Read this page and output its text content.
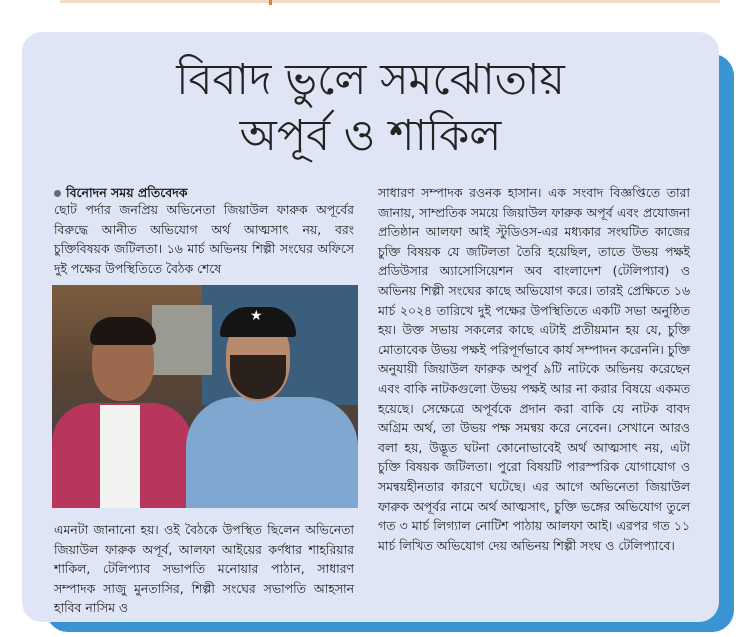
বিবাদ ভুলে সমঝোতায়
অপূর্ব ও শাকিল
বিনোদন সময় প্রতিবেদক

ছোট পর্দার জনপ্রিয় অভিনেতা জিয়াউল ফারুক অপূর্বের বিরুদ্ধে আনীত অভিযোগ অর্থ আত্মসাৎ নয়, বরং চুক্তিবিষয়ক জটিলতা। ১৬ মার্চ অভিনয় শিল্পী সংঘের অফিসে দুই পক্ষের উপস্থিতিতে বৈঠক শেষে

★

এমনটা জানানো হয়। ওই বৈঠকে উপস্থিত ছিলেন অভিনেতা জিয়াউল ফারুক অপূর্ব, আলফা আইয়ের কর্ণধার শাহরিয়ার শাকিল, টেলিপ্যাব সভাপতি মনোয়ার পাঠান, সাধারণ সম্পাদক সাজু মুনতাসির, শিল্পী সংঘের সভাপতি আহসান হাবিব নাসিম ও

সাধারণ সম্পাদক রওনক হাসান। এক সংবাদ বিজ্ঞপ্তিতে তারা জানায়, সাম্প্রতিক সময়ে জিয়াউল ফারুক অপূর্ব এবং প্রযোজনা প্রতিষ্ঠান আলফা আই স্টুডিওস-এর মধ্যকার সংঘটিত কাজের চুক্তি বিষয়ক যে জটিলতা তৈরি হয়েছিল, তাতে উভয় পক্ষই প্রডিউসার অ্যাসোসিয়েশন অব বাংলাদেশ (টেলিপ্যাব) ও অভিনয় শিল্পী সংঘের কাছে অভিযোগ করে। তারই প্রেক্ষিতে ১৬ মার্চ ২০২৪ তারিখে দুই পক্ষের উপস্থিতিতে একটি সভা অনুষ্ঠিত হয়। উক্ত সভায় সকলের কাছে এটাই প্রতীয়মান হয় যে, চুক্তি মোতাবেক উভয় পক্ষই পরিপূর্ণভাবে কার্য সম্পাদন করেননি। চুক্তি অনুযায়ী জিয়াউল ফারুক অপূর্ব ৯টি নাটকে অভিনয় করেছেন এবং বাকি নাটকগুলো উভয় পক্ষই আর না করার বিষয়ে একমত হয়েছে। সেক্ষেত্রে অপূর্বকে প্রদান করা বাকি যে নাটক বাবদ অগ্রিম অর্থ, তা উভয় পক্ষ সমন্বয় করে নেবেন। সেখানে আরও বলা হয়, উদ্ভূত ঘটনা কোনোভাবেই অর্থ আত্মসাৎ নয়, এটা চুক্তি বিষয়ক জটিলতা। পুরো বিষয়টি পারস্পরিক যোগাযোগ ও সমন্বয়হীনতার কারণে ঘটেছে। এর আগে অভিনেতা জিয়াউল ফারুক অপূর্বর নামে অর্থ আত্মসাৎ, চুক্তি ভঙ্গের অভিযোগ তুলে গত ৩ মার্চ লিগ্যাল নোটিশ পাঠায় আলফা আই। এরপর গত ১১ মার্চ লিখিত অভিযোগ দেয় অভিনয় শিল্পী সংঘ ও টেলিপ্যাবে।
